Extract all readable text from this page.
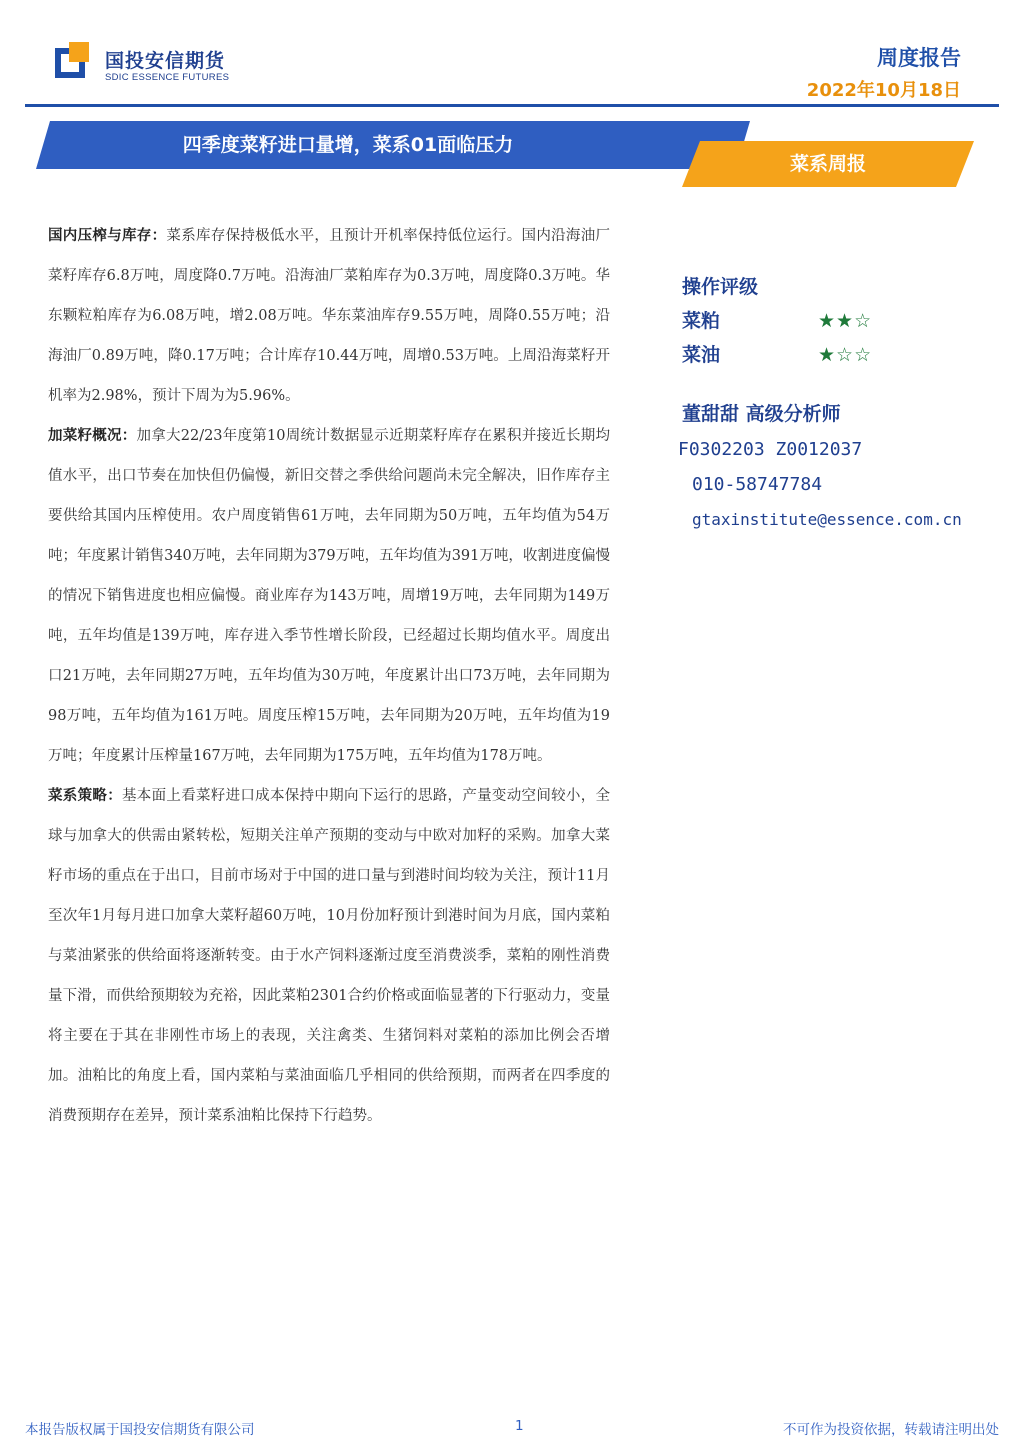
国投安信期货
SDIC ESSENCE FUTURES
周度报告
2022年10月18日
四季度菜籽进口量增，菜系01面临压力
菜系周报

国内压榨与库存：菜系库存保持极低水平，且预计开机率保持低位运行。国内沿海油厂菜籽库存6.8万吨，周度降0.7万吨。沿海油厂菜粕库存为0.3万吨，周度降0.3万吨。华东颗粒粕库存为6.08万吨，增2.08万吨。华东菜油库存9.55万吨，周降0.55万吨；沿海油厂0.89万吨，降0.17万吨；合计库存10.44万吨，周增0.53万吨。上周沿海菜籽开机率为2.98%，预计下周为为5.96%。

加菜籽概况：加拿大22/23年度第10周统计数据显示近期菜籽库存在累积并接近长期均值水平，出口节奏在加快但仍偏慢，新旧交替之季供给问题尚未完全解决，旧作库存主要供给其国内压榨使用。农户周度销售61万吨，去年同期为50万吨，五年均值为54万吨；年度累计销售340万吨，去年同期为379万吨，五年均值为391万吨，收割进度偏慢的情况下销售进度也相应偏慢。商业库存为143万吨，周增19万吨，去年同期为149万吨，五年均值是139万吨，库存进入季节性增长阶段，已经超过长期均值水平。周度出口21万吨，去年同期27万吨，五年均值为30万吨，年度累计出口73万吨，去年同期为98万吨，五年均值为161万吨。周度压榨15万吨，去年同期为20万吨，五年均值为19万吨；年度累计压榨量167万吨，去年同期为175万吨，五年均值为178万吨。

菜系策略：基本面上看菜籽进口成本保持中期向下运行的思路，产量变动空间较小，全球与加拿大的供需由紧转松，短期关注单产预期的变动与中欧对加籽的采购。加拿大菜籽市场的重点在于出口，目前市场对于中国的进口量与到港时间均较为关注，预计11月至次年1月每月进口加拿大菜籽超60万吨，10月份加籽预计到港时间为月底，国内菜粕与菜油紧张的供给面将逐渐转变。由于水产饲料逐渐过度至消费淡季，菜粕的刚性消费量下滑，而供给预期较为充裕，因此菜粕2301合约价格或面临显著的下行驱动力，变量将主要在于其在非刚性市场上的表现，关注禽类、生猪饲料对菜粕的添加比例会否增加。油粕比的角度上看，国内菜粕与菜油面临几乎相同的供给预期，而两者在四季度的消费预期存在差异，预计菜系油粕比保持下行趋势。

操作评级
菜粕	★★☆
菜油	★☆☆
董甜甜 高级分析师
F0302203 Z0012037
010-58747784
gtaxinstitute@essence.com.cn
本报告版权属于国投安信期货有限公司	1	不可作为投资依据，转载请注明出处
